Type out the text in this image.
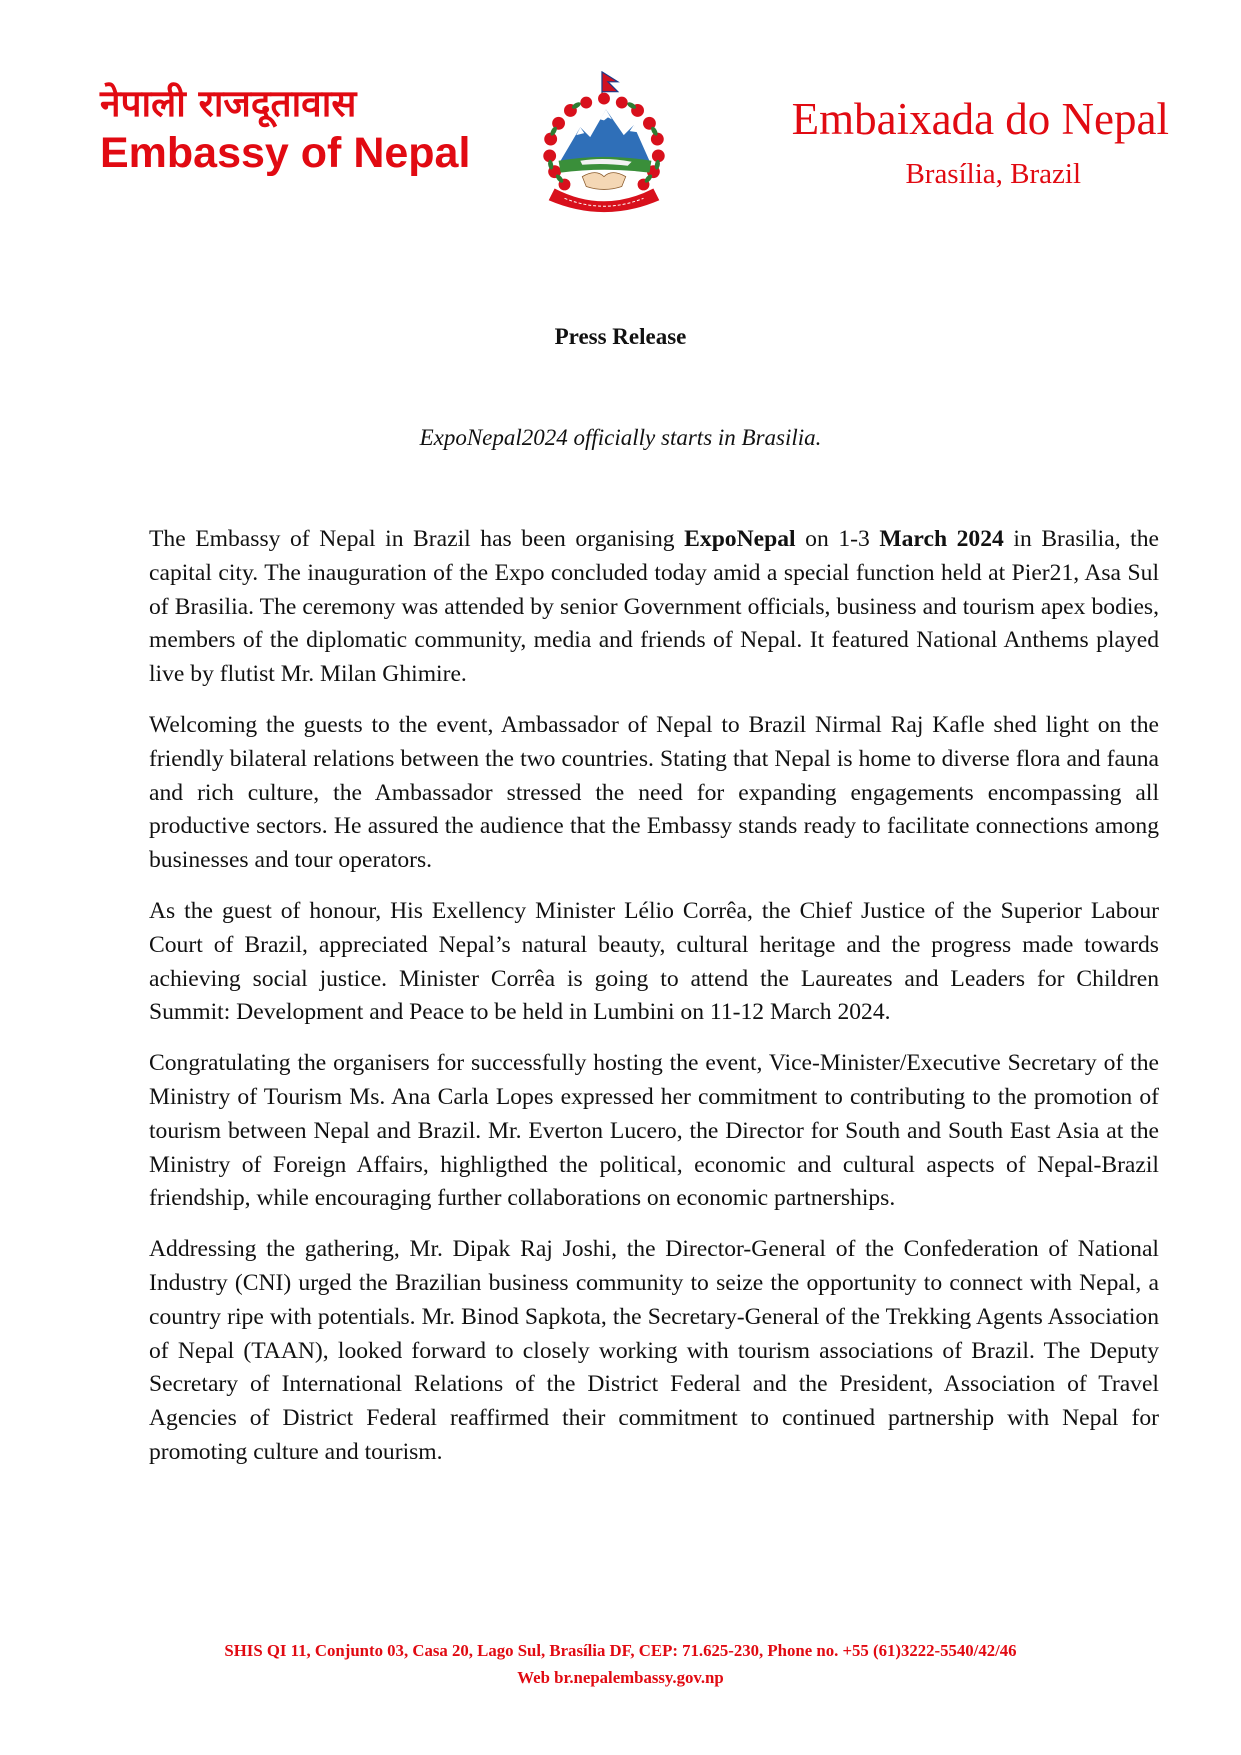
नेपाली राजदूतावास
Embassy of Nepal
Embaixada do Nepal
Brasília, Brazil
Press Release
ExpoNepal2024 officially starts in Brasilia.

The Embassy of Nepal in Brazil has been organising ExpoNepal on 1-3 March 2024 in Brasilia, the capital city. The inauguration of the Expo concluded today amid a special function held at Pier21, Asa Sul of Brasilia. The ceremony was attended by senior Government officials, business and tourism apex bodies, members of the diplomatic community, media and friends of Nepal. It featured National Anthems played live by flutist Mr. Milan Ghimire.

Welcoming the guests to the event, Ambassador of Nepal to Brazil Nirmal Raj Kafle shed light on the friendly bilateral relations between the two countries. Stating that Nepal is home to diverse flora and fauna and rich culture, the Ambassador stressed the need for expanding engagements encompassing all productive sectors. He assured the audience that the Embassy stands ready to facilitate connections among businesses and tour operators.

As the guest of honour, His Exellency Minister Lélio Corrêa, the Chief Justice of the Superior Labour Court of Brazil, appreciated Nepal’s natural beauty, cultural heritage and the progress made towards achieving social justice. Minister Corrêa is going to attend the Laureates and Leaders for Children Summit: Development and Peace to be held in Lumbini on 11-12 March 2024.

Congratulating the organisers for successfully hosting the event, Vice-Minister/Executive Secretary of the Ministry of Tourism Ms. Ana Carla Lopes expressed her commitment to contributing to the promotion of tourism between Nepal and Brazil. Mr. Everton Lucero, the Director for South and South East Asia at the Ministry of Foreign Affairs, highligthed the political, economic and cultural aspects of Nepal-Brazil friendship, while encouraging further collaborations on economic partnerships.

Addressing the gathering, Mr. Dipak Raj Joshi, the Director-General of the Confederation of National Industry (CNI) urged the Brazilian business community to seize the opportunity to connect with Nepal, a country ripe with potentials. Mr. Binod Sapkota, the Secretary-General of the Trekking Agents Association of Nepal (TAAN), looked forward to closely working with tourism associations of Brazil. The Deputy Secretary of International Relations of the District Federal and the President, Association of Travel Agencies of District Federal reaffirmed their commitment to continued partnership with Nepal for promoting culture and tourism.

SHIS QI 11, Conjunto 03, Casa 20, Lago Sul, Brasília DF, CEP: 71.625-230, Phone no. +55 (61)3222-5540/42/46
Web br.nepalembassy.gov.np
